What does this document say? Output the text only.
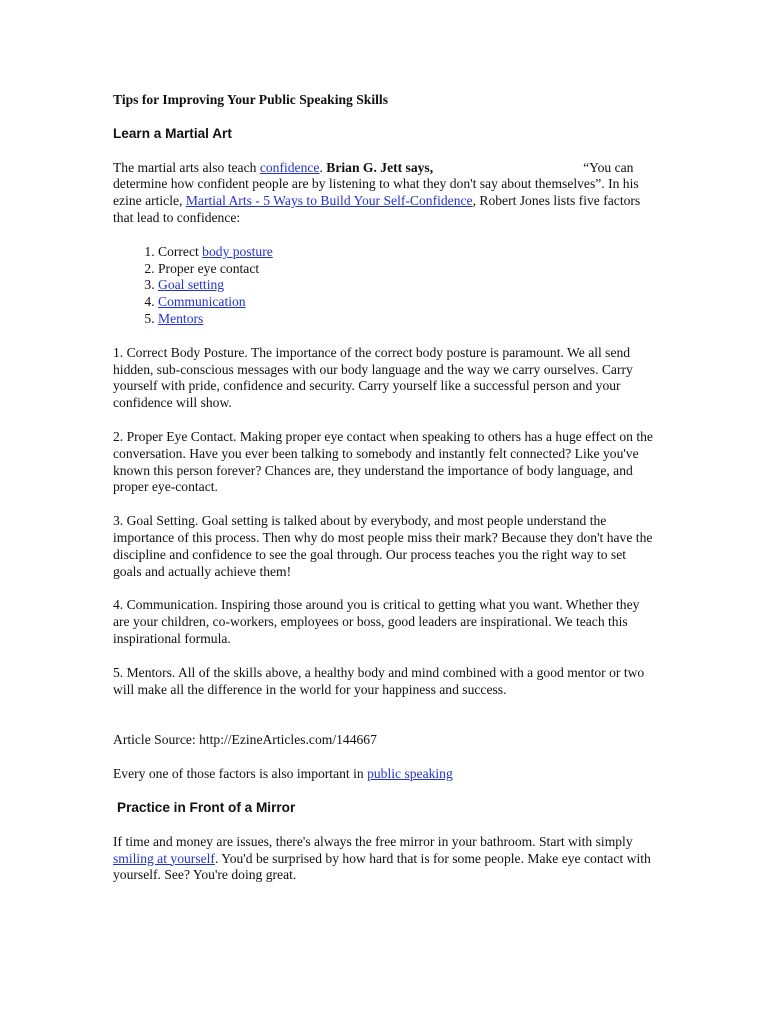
Tips for Improving Your Public Speaking Skills
Learn a Martial Art

The martial arts also teach confidence. Brian G. Jett says,	“You can determine how confident people are by listening to what they don't say about themselves”. In his ezine article, Martial Arts - 5 Ways to Build Your Self-Confidence, Robert Jones lists five factors that lead to confidence:

1. Correct body posture
2. Proper eye contact
3. Goal setting
4. Communication
5. Mentors

1. Correct Body Posture. The importance of the correct body posture is paramount. We all send hidden, sub-conscious messages with our body language and the way we carry ourselves. Carry yourself with pride, confidence and security. Carry yourself like a successful person and your confidence will show.

2. Proper Eye Contact. Making proper eye contact when speaking to others has a huge effect on the conversation. Have you ever been talking to somebody and instantly felt connected? Like you've known this person forever? Chances are, they understand the importance of body language, and proper eye-contact.

3. Goal Setting. Goal setting is talked about by everybody, and most people understand the importance of this process. Then why do most people miss their mark? Because they don't have the discipline and confidence to see the goal through. Our process teaches you the right way to set goals and actually achieve them!

4. Communication. Inspiring those around you is critical to getting what you want. Whether they are your children, co-workers, employees or boss, good leaders are inspirational. We teach this inspirational formula.

5. Mentors. All of the skills above, a healthy body and mind combined with a good mentor or two will make all the difference in the world for your happiness and success.

Article Source: http://EzineArticles.com/144667

Every one of those factors is also important in public speaking

Practice in Front of a Mirror

If time and money are issues, there's always the free mirror in your bathroom. Start with simply smiling at yourself. You'd be surprised by how hard that is for some people. Make eye contact with yourself. See? You're doing great.
